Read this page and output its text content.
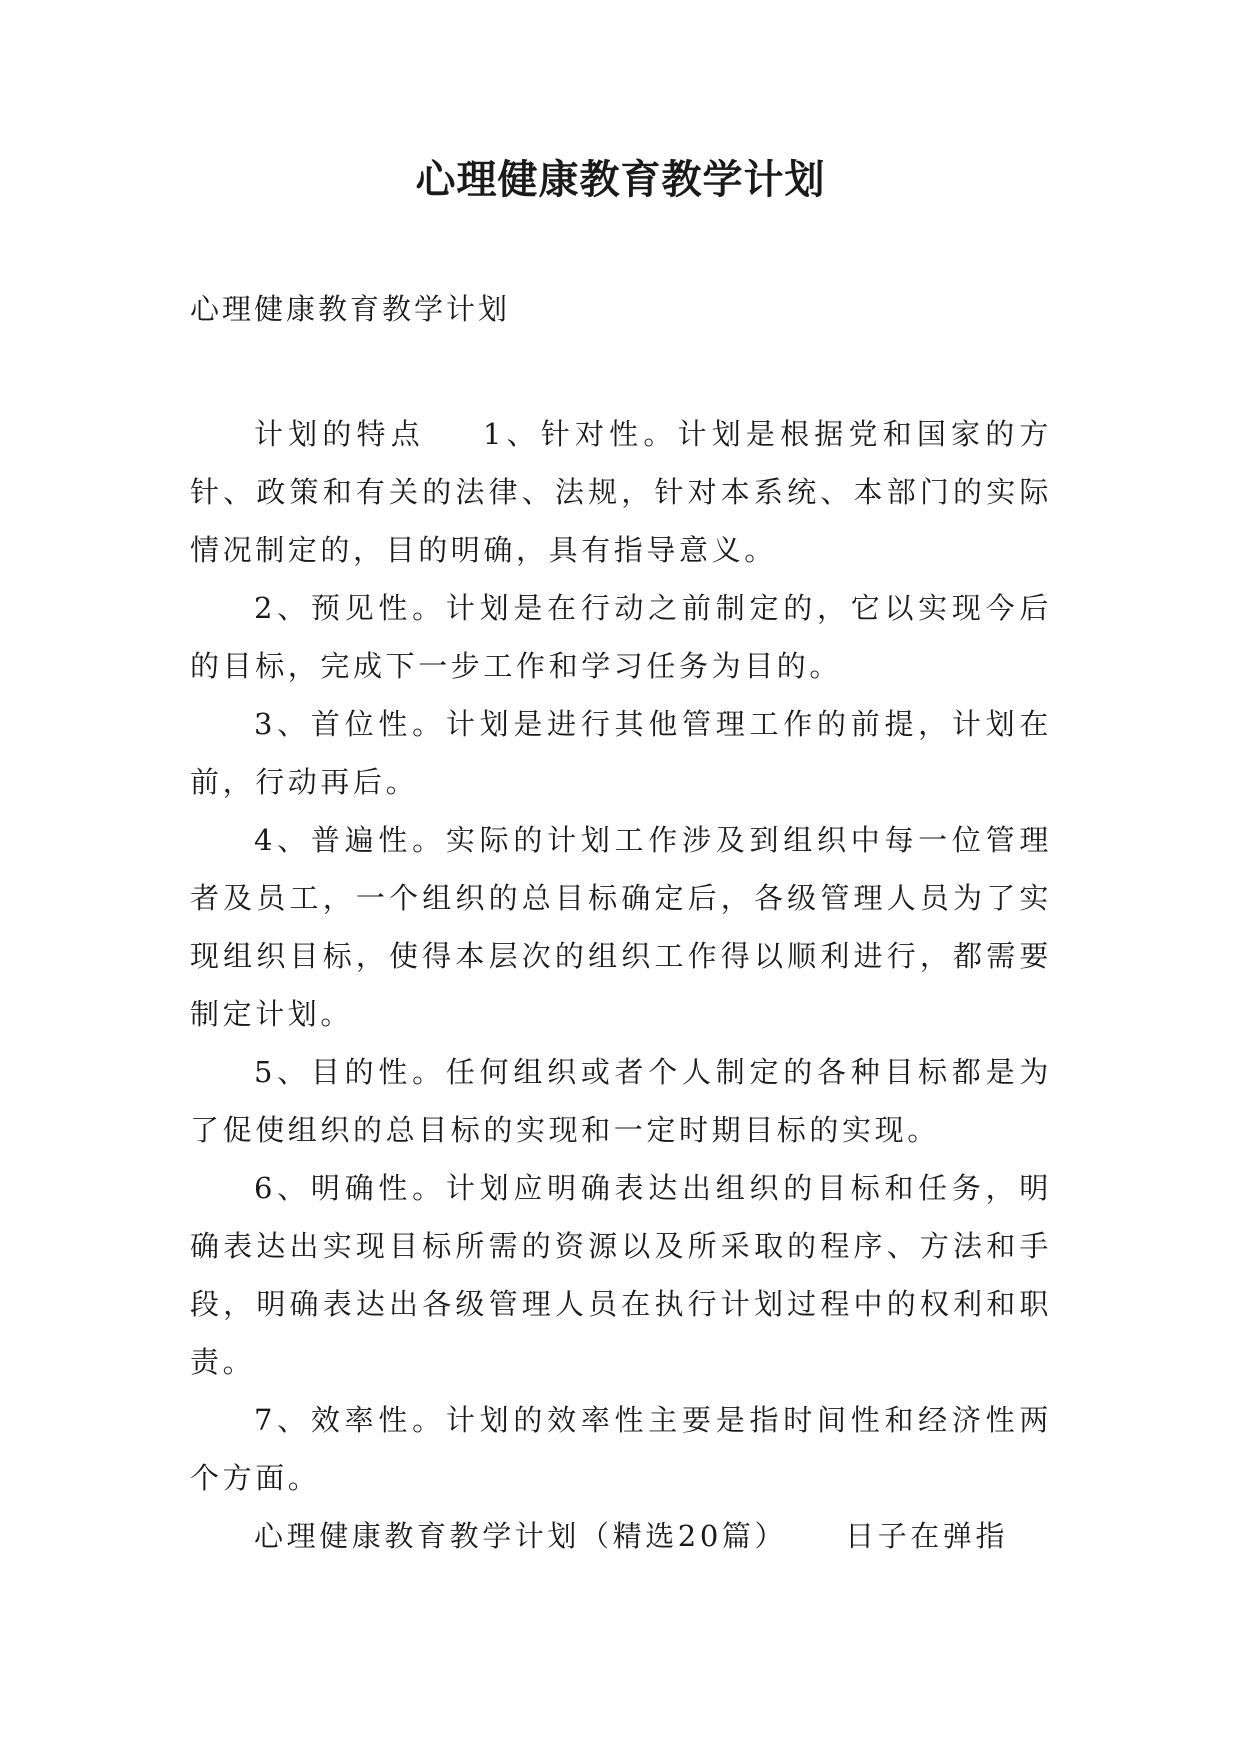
心理健康教育教学计划

心理健康教育教学计划

计划的特点 1、针对性。计划是根据党和国家的方针、政策和有关的法律、法规，针对本系统、本部门的实际情况制定的，目的明确，具有指导意义。

2、预见性。计划是在行动之前制定的，它以实现今后的目标，完成下一步工作和学习任务为目的。

3、首位性。计划是进行其他管理工作的前提，计划在前，行动再后。

4、普遍性。实际的计划工作涉及到组织中每一位管理者及员工，一个组织的总目标确定后，各级管理人员为了实现组织目标，使得本层次的组织工作得以顺利进行，都需要制定计划。

5、目的性。任何组织或者个人制定的各种目标都是为了促使组织的总目标的实现和一定时期目标的实现。

6、明确性。计划应明确表达出组织的目标和任务，明确表达出实现目标所需的资源以及所采取的程序、方法和手段，明确表达出各级管理人员在执行计划过程中的权利和职责。

7、效率性。计划的效率性主要是指时间性和经济性两个方面。

心理健康教育教学计划（精选20篇） 日子在弹指
